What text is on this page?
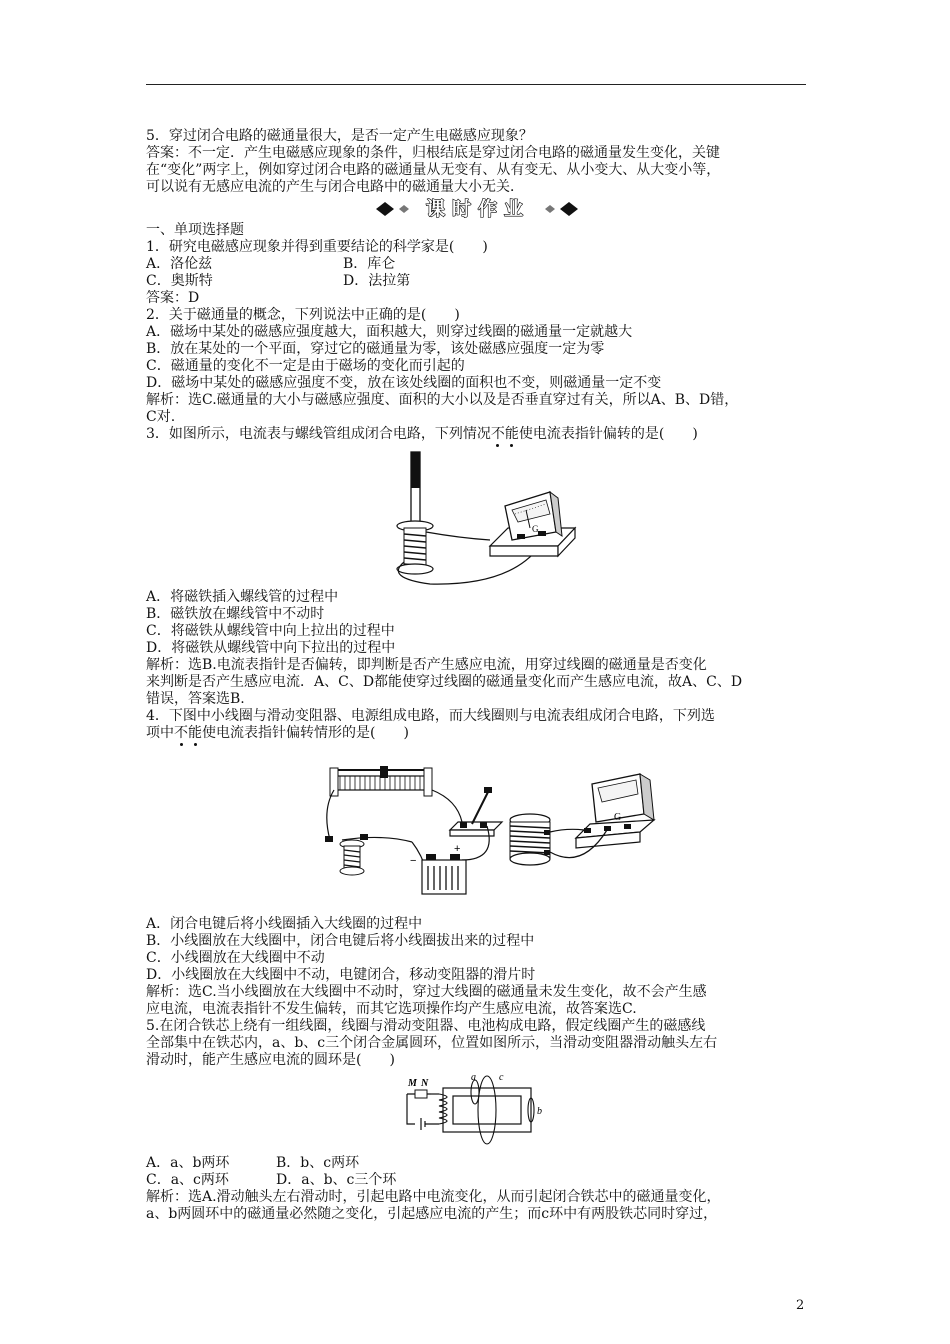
5．穿过闭合电路的磁通量很大，是否一定产生电磁感应现象？
答案：不一定．产生电磁感应现象的条件，归根结底是穿过闭合电路的磁通量发生变化，关键
在“变化”两字上，例如穿过闭合电路的磁通量从无变有、从有变无、从小变大、从大变小等，
可以说有无感应电流的产生与闭合电路中的磁通量大小无关．
课时作业
一、单项选择题
1．研究电磁感应现象并得到重要结论的科学家是(　　)
A．洛伦兹	B．库仑
C．奥斯特	D．法拉第
答案：D
2．关于磁通量的概念，下列说法中正确的是(　　)
A．磁场中某处的磁感应强度越大，面积越大，则穿过线圈的磁通量一定就越大
B．放在某处的一个平面，穿过它的磁通量为零，该处磁感应强度一定为零
C．磁通量的变化不一定是由于磁场的变化而引起的
D．磁场中某处的磁感应强度不变，放在该处线圈的面积也不变，则磁通量一定不变
解析：选C.磁通量的大小与磁感应强度、面积的大小以及是否垂直穿过有关，所以A、B、D错，
C对.
3．如图所示，电流表与螺线管组成闭合电路，下列情况不能使电流表指针偏转的是(　　)
G
A．将磁铁插入螺线管的过程中
B．磁铁放在螺线管中不动时
C．将磁铁从螺线管中向上拉出的过程中
D．将磁铁从螺线管中向下拉出的过程中
解析：选B.电流表指针是否偏转，即判断是否产生感应电流，用穿过线圈的磁通量是否变化
来判断是否产生感应电流．A、C、D都能使穿过线圈的磁通量变化而产生感应电流，故A、C、D
错误，答案选B.
4．下图中小线圈与滑动变阻器、电源组成电路，而大线圈则与电流表组成闭合电路，下列选
项中不能使电流表指针偏转情形的是(　　)
−
+
G
A．闭合电键后将小线圈插入大线圈的过程中
B．小线圈放在大线圈中，闭合电键后将小线圈拔出来的过程中
C．小线圈放在大线圈中不动
D．小线圈放在大线圈中不动，电键闭合，移动变阻器的滑片时
解析：选C.当小线圈放在大线圈中不动时，穿过大线圈的磁通量未发生变化，故不会产生感
应电流，电流表指针不发生偏转，而其它选项操作均产生感应电流，故答案选C.
5.在闭合铁芯上绕有一组线圈，线圈与滑动变阻器、电池构成电路，假定线圈产生的磁感线
全部集中在铁芯内，a、b、c三个闭合金属圆环，位置如图所示，当滑动变阻器滑动触头左右
滑动时，能产生感应电流的圆环是(　　)
M N
a c
b
A．a、b两环	B．b、c两环
C．a、c两环	D．a、b、c三个环
解析：选A.滑动触头左右滑动时，引起电路中电流变化，从而引起闭合铁芯中的磁通量变化，
a、b两圆环中的磁通量必然随之变化，引起感应电流的产生；而c环中有两股铁芯同时穿过，
2
